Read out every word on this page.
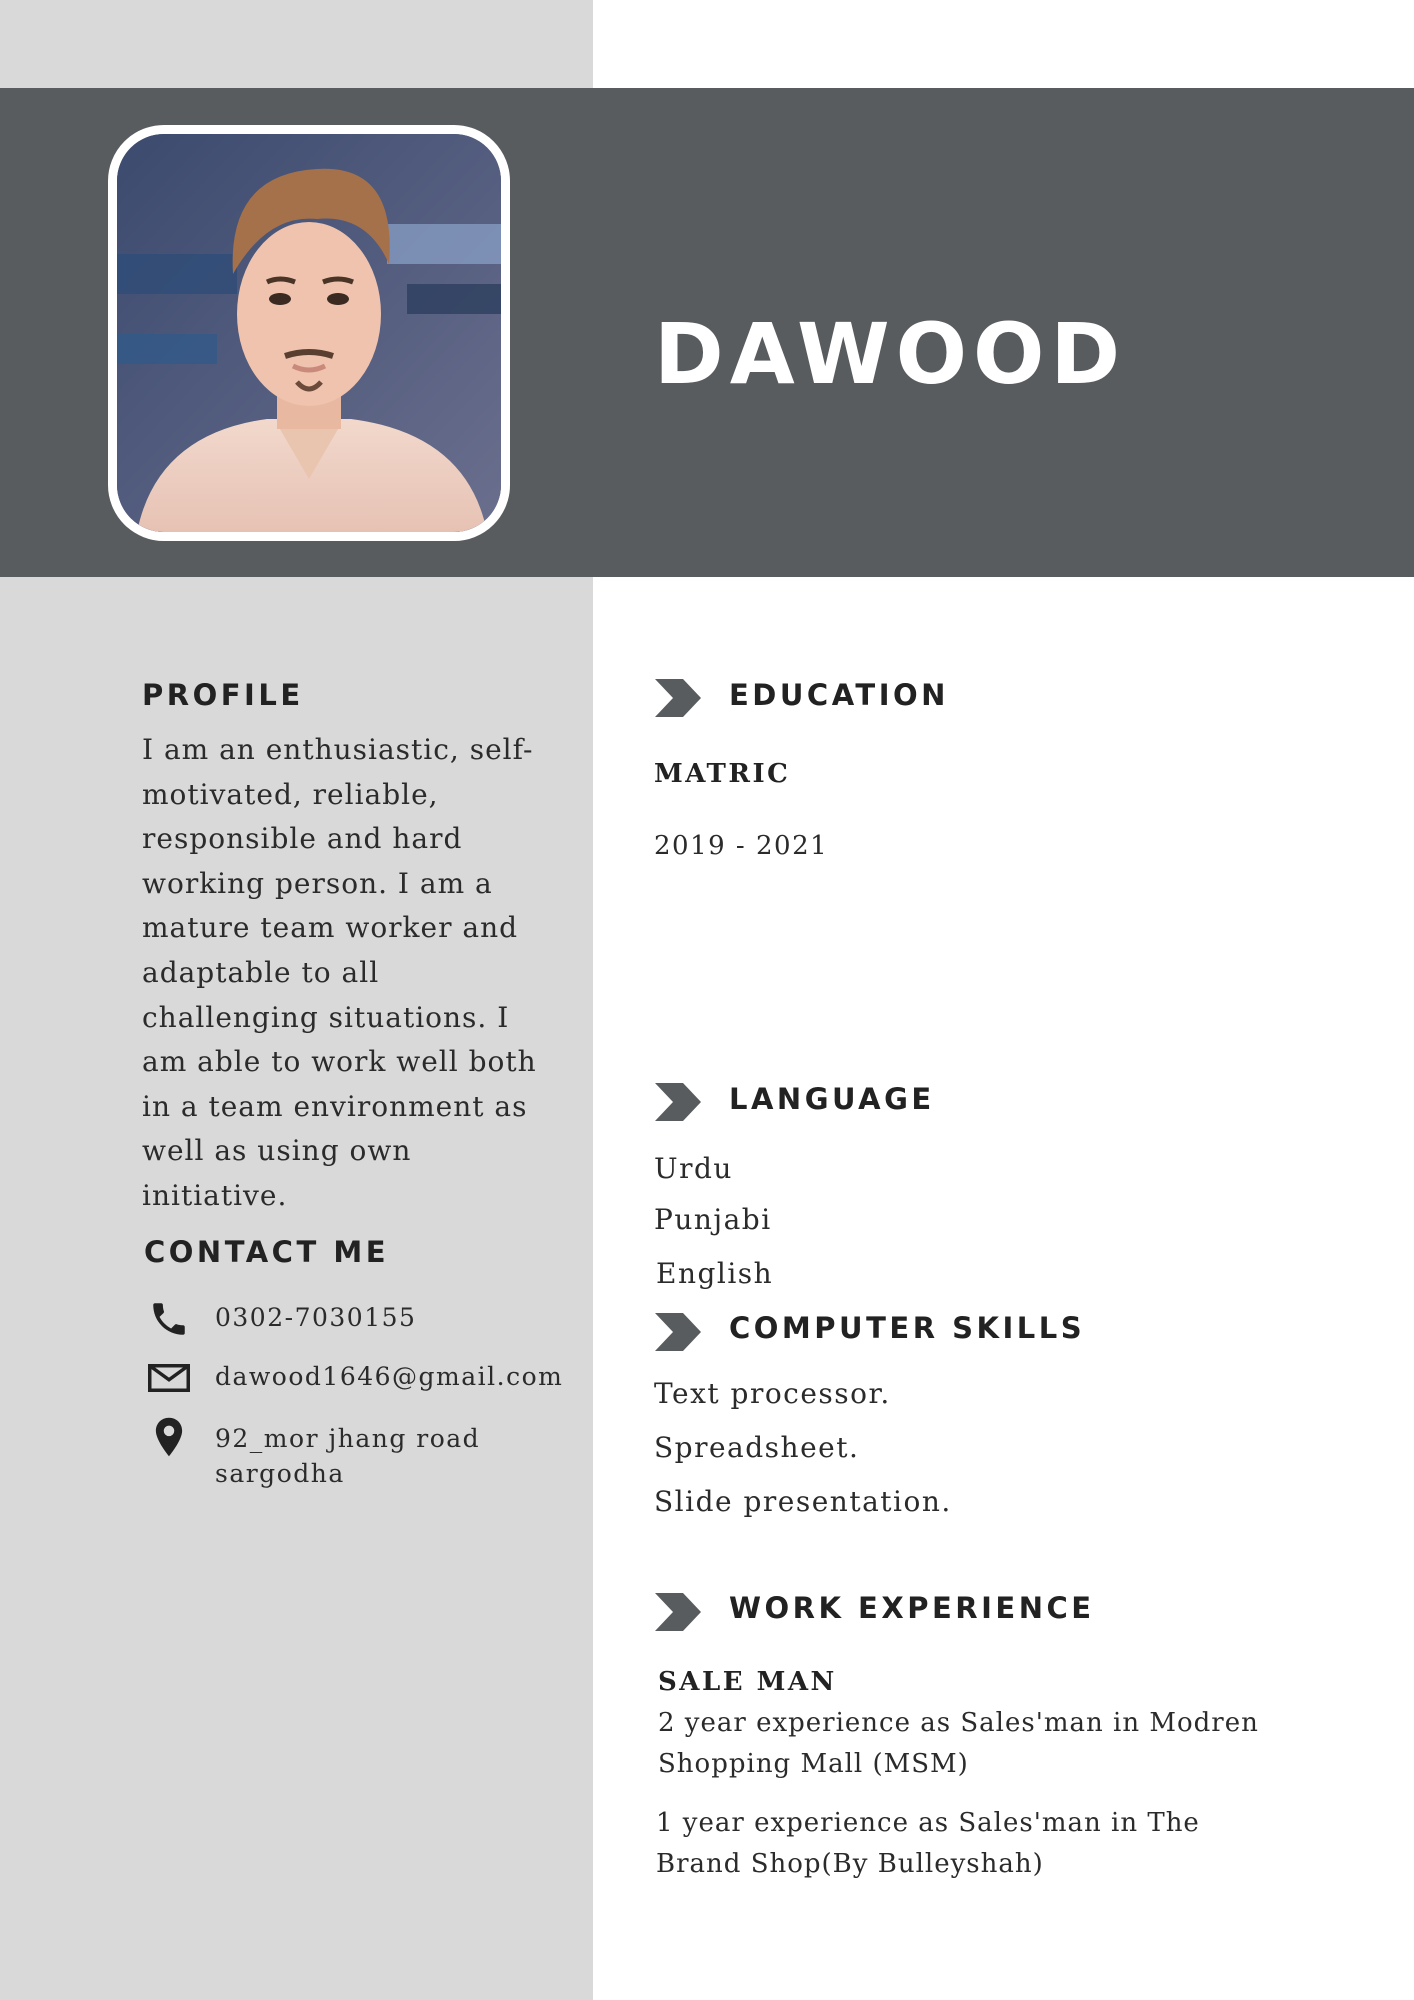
DAWOOD
PROFILE
I am an enthusiastic, self-motivated, reliable, responsible and hard working person. I am a mature team worker and adaptable to all challenging situations. I am able to work well both in a team environment as well as using own initiative.
CONTACT ME
0302-7030155
dawood1646@gmail.com
92_mor jhang road
sargodha
EDUCATION
MATRIC
2019 - 2021
LANGUAGE
Urdu
Punjabi
English
COMPUTER SKILLS
Text processor.
Spreadsheet.
Slide presentation.
WORK EXPERIENCE
SALE MAN
2 year experience as Sales'man in Modren Shopping Mall (MSM)
1 year experience as Sales'man in The Brand Shop(By Bulleyshah)
